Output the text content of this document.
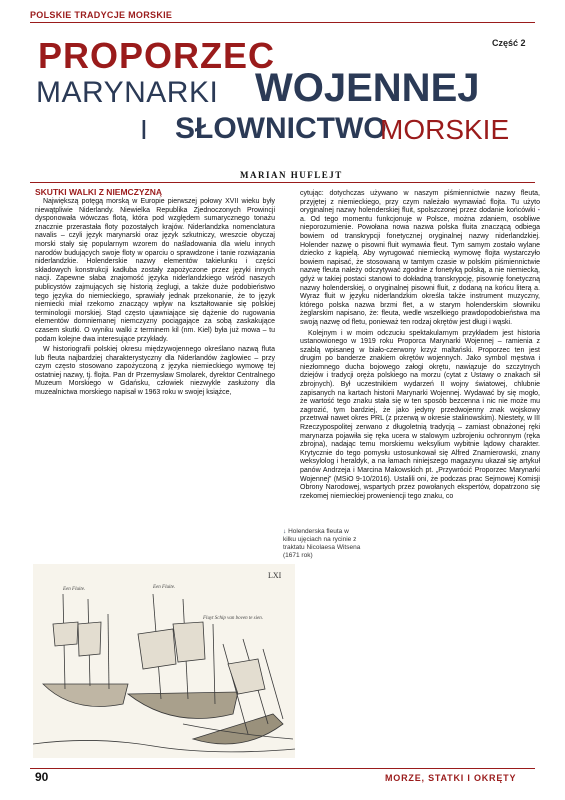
POLSKIE TRADYCJE MORSKIE
Część 2
PROPORZEC
MARYNARKI WOJENNEJ
I SŁOWNICTWO
MORSKIE
MARIAN HUFLEJT
SKUTKI WALKI Z NIEMCZYZNĄ

Największą potęgą morską w Europie pierwszej połowy XVII wieku były niewątpliwie Niderlandy. Niewielka Republika Zjednoczonych Prowincji dysponowała wówczas flotą, która pod względem sumarycznego tonażu znacznie przerastała floty pozostałych krajów. Niderlandzka nomenclatura navalis – czyli język marynarski oraz język szkutniczy, wreszcie obyczaj morski stały się popularnym wzorem do naśladowania dla wielu innych narodów budujących swoje floty w oparciu o sprawdzone i tanie rozwiązania niderlandzkie. Holenderskie nazwy elementów takielunku i części składowych konstrukcji kadłuba zostały zapożyczone przez języki innych nacji. Zapewne słaba znajomość języka niderlandzkiego wśród naszych publicystów zajmujących się historią żeglugi, a także duże podobieństwo tego języka do niemieckiego, sprawiały jednak przekonanie, że to język niemiecki miał rzekomo znaczący wpływ na kształtowanie się polskiej terminologii morskiej. Stąd często ujawniające się dążenie do rugowania elementów domniemanej niemczyzny pociągające za sobą zaskakujące czasem skutki. O wyniku walki z terminem kil (nm. Kiel) była już mowa – tu podam kolejne dwa interesujące przykłady.

W historiografii polskiej okresu międzywojennego określano nazwą fluta lub fleuta najbardziej charakterystyczny dla Niderlandów żaglowiec – przy czym często stosowano zapożyczoną z języka niemieckiego wymowę tej ostatniej nazwy, tj. flojta. Pan dr Przemysław Smolarek, dyrektor Centralnego Muzeum Morskiego w Gdańsku, człowiek niezwykle zasłużony dla muzealnictwa morskiego napisał w 1963 roku w swojej książce,

cytując: dotychczas używano w naszym piśmiennictwie nazwy fleuta, przyjętej z niemieckiego, przy czym należało wymawiać flojta. Tu użyto oryginalnej nazwy holenderskiej fluit, spolszczonej przez dodanie końcówki -a. Od tego momentu funkcjonuje w Polsce, można zdaniem, osobliwe nieporozumienie. Powołana nowa nazwa polska fluita znaczącą odbiega bowiem od transkrypcji fonetycznej oryginalnej nazwy niderlandzkiej. Holender nazwę o pisowni fluit wymawia fleut. Tym samym zostało wylane dziecko z kąpielą. Aby wyrugować niemiecką wymowę flojta wystarczyło bowiem napisać, że stosowaną w tamtym czasie w polskim piśmiennictwie nazwę fleuta należy odczytywać zgodnie z fonetyką polską, a nie niemiecką, gdyż w takiej postaci stanowi to dokładną transkrypcję, pisownię fonetyczną nazwy holenderskiej, o oryginalnej pisowni fluit, z dodaną na końcu literą a. Wyraz fluit w języku niderlandzkim określa także instrument muzyczny, którego polska nazwa brzmi flet, a w starym holenderskim słowniku żeglarskim napisano, że: fleuta, wedle wszelkiego prawdopodobieństwa ma swoją nazwę od fletu, ponieważ ten rodzaj okrętów jest długi i wąski.

Kolejnym i w moim odczuciu spektakularnym przykładem jest historia ustanowionego w 1919 roku Proporca Marynarki Wojennej – ramienia z szablą wpisaneg w biało-czerwony krzyż maltański. Proporzec ten jest drugim po banderze znakiem okrętów wojennych. Jako symbol męstwa i niezłomnego ducha bojowego załogi okrętu, nawiązuje do szczytnych dziejów i tradycji oręża polskiego na morzu (cytat z Ustawy o znakach sił zbrojnych). Był uczestnikiem wydarzeń II wojny światowej, chlubnie zapisanych na kartach historii Marynarki Wojennej. Wydawać by się mogło, że wartość tego znaku stała się w ten sposób bezcenna i nic nie może mu zagrozić, tym bardziej, że jako jedyny przedwojenny znak wojskowy przetrwał nawet okres PRL (z przerwą w okresie stalinowskim). Niestety, w III Rzeczypospolitej zerwano z długoletnią tradycją – zamiast obnażonej ręki marynarza pojawiła się ręka ucera w stalowym uzbrojeniu ochronnym (ręka zbrojna), nadając temu morskiemu weksylium wybitnie lądowy charakter. Krytycznie do tego pomysłu ustosunkował się Alfred Znamierowski, znany weksylolog i heraldyk, a na łamach niniejszego magazynu ukazał się artykuł panów Andrzeja i Marcina Makowskich pt. „Przywrócić Proporzec Marynarki Wojennej” (MSiO 9-10/2016). Ustalili oni, że podczas prac Sejmowej Komisji Obrony Narodowej, wspartych przez powołanych ekspertów, dopatrzono się rzekomej niemieckiej proweniencji tego znaku, co

↓ Holenderska fleuta w kilku ujęciach na rycinie z traktatu Nicolaesa Witsena (1671 rok)
LXI
Een Fluite.	Een Fluite.
Fluyt Schip van boven te sien.
90	MORZE, STATKI I OKRĘTY
